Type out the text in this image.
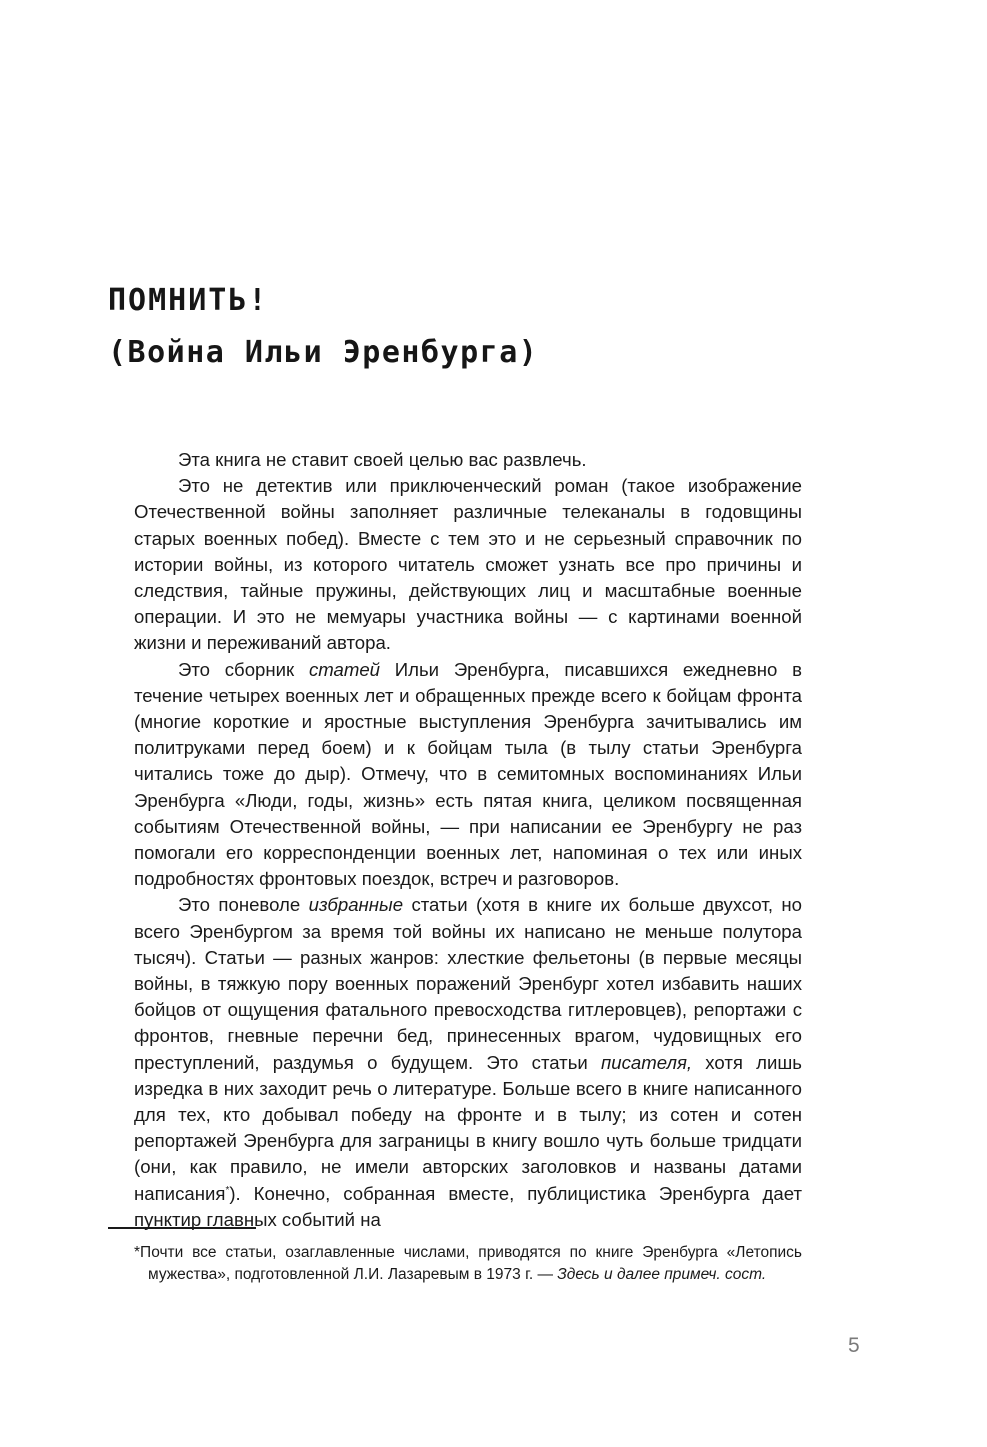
ПОМНИТЬ!
(Война Ильи Эренбурга)

Эта книга не ставит своей целью вас развлечь.

Это не детектив или приключенческий роман (такое изображение Отечественной войны заполняет различные телеканалы в годовщины старых военных побед). Вместе с тем это и не серьезный справочник по истории войны, из которого читатель сможет узнать все про причины и следствия, тайные пружины, действующих лиц и масштабные военные операции. И это не мемуары участника войны — с картинами военной жизни и переживаний автора.

Это сборник статей Ильи Эренбурга, писавшихся ежедневно в течение четырех военных лет и обращенных прежде всего к бойцам фронта (многие короткие и яростные выступления Эренбурга зачитывались им политруками перед боем) и к бойцам тыла (в тылу статьи Эренбурга читались тоже до дыр). Отмечу, что в семитомных воспоминаниях Ильи Эренбурга «Люди, годы, жизнь» есть пятая книга, целиком посвященная событиям Отечественной войны, — при написании ее Эренбургу не раз помогали его корреспонденции военных лет, напоминая о тех или иных подробностях фронтовых поездок, встреч и разговоров.

Это поневоле избранные статьи (хотя в книге их больше двухсот, но всего Эренбургом за время той войны их написано не меньше полутора тысяч). Статьи — разных жанров: хлесткие фельетоны (в первые месяцы войны, в тяжкую пору военных поражений Эренбург хотел избавить наших бойцов от ощущения фатального превосходства гитлеровцев), репортажи с фронтов, гневные перечни бед, принесенных врагом, чудовищных его преступлений, раздумья о будущем. Это статьи писателя, хотя лишь изредка в них заходит речь о литературе. Больше всего в книге написанного для тех, кто добывал победу на фронте и в тылу; из сотен и сотен репортажей Эренбурга для заграницы в книгу вошло чуть больше тридцати (они, как правило, не имели авторских заголовков и названы датами написания*). Конечно, собранная вместе, публицистика Эренбурга дает пунктир главных событий на

*Почти все статьи, озаглавленные числами, приводятся по книге Эренбурга «Летопись мужества», подготовленной Л.И. Лазаревым в 1973 г. — Здесь и далее примеч. сост.

5
